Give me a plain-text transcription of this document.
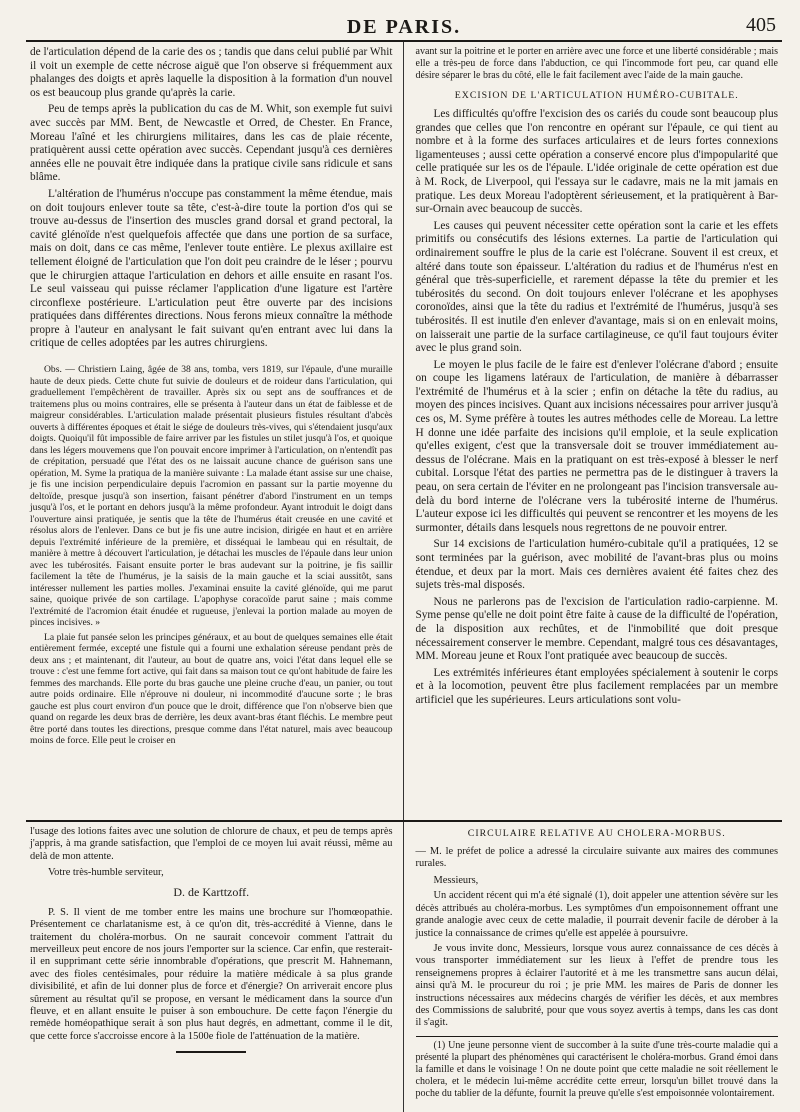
DE PARIS.	405

de l'articulation dépend de la carie des os ; tandis que dans celui publié par Whit il voit un exemple de cette nécrose aiguë que l'on observe si fréquemment aux phalanges des doigts et après laquelle la disposition à la formation d'un nouvel os est beaucoup plus grande qu'après la carie.

Peu de temps après la publication du cas de M. Whit, son exemple fut suivi avec succès par MM. Bent, de Newcastle et Orred, de Chester. En France, Moreau l'aîné et les chirurgiens militaires, dans les cas de plaie récente, pratiquèrent aussi cette opération avec succès. Cependant jusqu'à ces dernières années elle ne pouvait être indiquée dans la pratique civile sans ridicule et sans blâme.

L'altération de l'humérus n'occupe pas constamment la même étendue, mais on doit toujours enlever toute sa tête, c'est-à-dire toute la portion d'os qui se trouve au-dessus de l'insertion des muscles grand dorsal et grand pectoral, la cavité glénoïde n'est quelquefois affectée que dans une portion de sa surface, mais on doit, dans ce cas même, l'enlever toute entière. Le plexus axillaire est tellement éloigné de l'articulation que l'on doit peu craindre de le léser ; pourvu que le chirurgien attaque l'articulation en dehors et aille ensuite en rasant l'os. Le seul vaisseau qui puisse réclamer l'application d'une ligature est l'artère circonflexe postérieure. L'articulation peut être ouverte par des incisions pratiquées dans différentes directions. Nous ferons mieux connaître la méthode propre à l'auteur en analysant le fait suivant qu'en entrant avec lui dans la critique de celles adoptées par les autres chirurgiens.

Obs. — Christiern Laing, âgée de 38 ans, tomba, vers 1819, sur l'épaule, d'une muraille haute de deux pieds. Cette chute fut suivie de douleurs et de roideur dans l'articulation, qui graduellement l'empêchèrent de travailler. Après six ou sept ans de souffrances et de traitemens plus ou moins contraires, elle se présenta à l'auteur dans un état de faiblesse et de maigreur considérables. L'articulation malade présentait plusieurs fistules résultant d'abcès ouverts à différentes époques et était le siége de douleurs très-vives, qui s'étendaient jusqu'aux doigts. Quoiqu'il fût impossible de faire arriver par les fistules un stilet jusqu'à l'os, et quoique dans les légers mouvemens que l'on pouvait encore imprimer à l'articulation, on n'entendît pas de crépitation, persuadé que l'état des os ne laissait aucune chance de guérison sans une opération, M. Syme la pratiqua de la manière suivante : La malade étant assise sur une chaise, je fis une incision perpendiculaire depuis l'acromion en passant sur la partie moyenne du deltoïde, presque jusqu'à son insertion, faisant pénétrer d'abord l'instrument en un temps jusqu'à l'os, et le portant en dehors jusqu'à la même profondeur. Ayant introduit le doigt dans l'ouverture ainsi pratiquée, je sentis que la tête de l'humérus était creusée en une cavité et résolus alors de l'enlever. Dans ce but je fis une autre incision, dirigée en haut et en arrière depuis l'extrémité inférieure de la première, et disséquai le lambeau qui en résultait, de manière à mettre à découvert l'articulation, je détachai les muscles de l'épaule dans leur union avec les tubérosités. Faisant ensuite porter le bras audevant sur la poitrine, je fis saillir facilement la tête de l'humérus, je la saisis de la main gauche et la sciai aussitôt, sans intéresser nullement les parties molles. J'examinai ensuite la cavité glénoïde, qui me parut saine, quoique privée de son cartilage. L'apophyse coracoïde parut saine ; mais comme l'extrémité de l'acromion était énudée et rugueuse, j'enlevai la portion malade au moyen de pinces incisives. »

La plaie fut pansée selon les principes généraux, et au bout de quelques semaines elle était entièrement fermée, excepté une fistule qui a fourni une exhalation séreuse pendant près de deux ans ; et maintenant, dit l'auteur, au bout de quatre ans, voici l'état dans lequel elle se trouve : c'est une femme fort active, qui fait dans sa maison tout ce qu'ont habitude de faire les femmes des marchands. Elle porte du bras gauche une pleine cruche d'eau, un panier, ou tout autre poids ordinaire. Elle n'éprouve ni douleur, ni incommodité d'aucune sorte ; le bras gauche est plus court environ d'un pouce que le droit, différence que l'on n'observe bien que quand on regarde les deux bras de derrière, les deux avant-bras étant fléchis. Le membre peut être porté dans toutes les directions, presque comme dans l'état naturel, mais avec beaucoup moins de force. Elle peut le croiser en

avant sur la poitrine et le porter en arrière avec une force et une liberté considérable ; mais elle a très-peu de force dans l'abduction, ce qui l'incommode fort peu, car quand elle désire séparer le bras du côté, elle le fait facilement avec l'aide de la main gauche.

EXCISION DE L'ARTICULATION HUMÉRO-CUBITALE.

Les difficultés qu'offre l'excision des os cariés du coude sont beaucoup plus grandes que celles que l'on rencontre en opérant sur l'épaule, ce qui tient au nombre et à la forme des surfaces articulaires et de leurs fortes connexions ligamenteuses ; aussi cette opération a conservé encore plus d'impopularité que celle pratiquée sur les os de l'épaule. L'idée originale de cette opération est due à M. Rock, de Liverpool, qui l'essaya sur le cadavre, mais ne la mit jamais en pratique. Les deux Moreau l'adoptèrent sérieusement, et la pratiquèrent à Bar-sur-Ornain avec beaucoup de succès.

Les causes qui peuvent nécessiter cette opération sont la carie et les effets primitifs ou consécutifs des lésions externes. La partie de l'articulation qui ordinairement souffre le plus de la carie est l'olécrane. Souvent il est creux, et altéré dans toute son épaisseur. L'altération du radius et de l'humérus n'est en général que très-superficielle, et rarement dépasse la tête du premier et les tubérosités du second. On doit toujours enlever l'olécrane et les apophyses coronoïdes, ainsi que la tête du radius et l'extrémité de l'humérus, jusqu'à ses tubérosités. Il est inutile d'en enlever d'avantage, mais si on en enlevait moins, on laisserait une partie de la surface cartilagineuse, ce qu'il faut toujours éviter avec le plus grand soin.

Le moyen le plus facile de le faire est d'enlever l'olécrane d'abord ; ensuite on coupe les ligamens latéraux de l'articulation, de manière à débarrasser l'extrémité de l'humérus et à la scier ; enfin on détache la tête du radius, au moyen des pinces incisives. Quant aux incisions nécessaires pour arriver jusqu'à ces os, M. Syme préfère à toutes les autres méthodes celle de Moreau. La lettre H donne une idée parfaite des incisions qu'il emploie, et la seule explication qu'elles exigent, c'est que la transversale doit se trouver immédiatement au-dessus de l'olécrane. Mais en la pratiquant on est très-exposé à blesser le nerf cubital. Lorsque l'état des parties ne permettra pas de le distinguer à travers la peau, on sera certain de l'éviter en ne prolongeant pas l'incision transversale au-delà du bord interne de l'olécrane vers la tubérosité interne de l'humérus. L'auteur expose ici les difficultés qui peuvent se rencontrer et les moyens de les surmonter, détails dans lesquels nous regrettons de ne pouvoir entrer.

Sur 14 excisions de l'articulation huméro-cubitale qu'il a pratiquées, 12 se sont terminées par la guérison, avec mobilité de l'avant-bras plus ou moins étendue, et deux par la mort. Mais ces dernières avaient été faites chez des sujets très-mal disposés.

Nous ne parlerons pas de l'excision de l'articulation radio-carpienne. M. Syme pense qu'elle ne doit point être faite à cause de la difficulté de l'opération, de la disposition aux rechûtes, et de l'inmobilité que doit presque nécessairement conserver le membre. Cependant, malgré tous ces désavantages, MM. Moreau jeune et Roux l'ont pratiquée avec beaucoup de succès.

Les extrémités inférieures étant employées spécialement à soutenir le corps et à la locomotion, peuvent être plus facilement remplacées par un membre artificiel que les supérieures. Leurs articulations sont volu-

l'usage des lotions faites avec une solution de chlorure de chaux, et peu de temps après j'appris, à ma grande satisfaction, que l'emploi de ce moyen lui avait réussi, même au delà de mon attente.

Votre très-humble serviteur,

D. de Karttzoff.

P. S. Il vient de me tomber entre les mains une brochure sur l'homœopathie. Présentement ce charlatanisme est, à ce qu'on dit, très-accrédité à Vienne, dans le traitement du choléra-morbus. On ne saurait concevoir comment l'attrait du merveilleux peut encore de nos jours l'emporter sur la science. Car enfin, que resterait-il en supprimant cette série innombrable d'opérations, que prescrit M. Hahnemann, avec des fioles centésimales, pour réduire la matière médicale à sa plus grande divisibilité, et afin de lui donner plus de force et d'énergie? On arriverait encore plus sûrement au résultat qu'il se propose, en versant le médicament dans la source d'un fleuve, et en allant ensuite le puiser à son embouchure. De cette façon l'énergie du remède homéopathique serait à son plus haut degrés, en admettant, comme il le dit, que cette force s'accroisse encore à la 1500e fiole de l'atténuation de la matière.

CIRCULAIRE RELATIVE AU CHOLERA-MORBUS.

— M. le préfet de police a adressé la circulaire suivante aux maires des communes rurales.

Messieurs,

Un accident récent qui m'a été signalé (1), doit appeler une attention sévère sur les décès attribués au choléra-morbus. Les symptômes d'un empoisonnement offrant une grande analogie avec ceux de cette maladie, il pourrait devenir facile de dérober à la justice la connaissance de crimes qu'elle est appelée à poursuivre.

Je vous invite donc, Messieurs, lorsque vous aurez connaissance de ces décès à vous transporter immédiatement sur les lieux à l'effet de prendre tous les renseignemens propres à éclairer l'autorité et à me les transmettre sans aucun délai, ainsi qu'à M. le procureur du roi ; je prie MM. les maires de Paris de donner les instructions nécessaires aux médecins chargés de vérifier les décès, et aux membres des Commissions de salubrité, pour que vous soyez avertis à temps, dans les cas dont il s'agit.

(1) Une jeune personne vient de succomber à la suite d'une très-courte maladie qui a présenté la plupart des phénomènes qui caractérisent le choléra-morbus. Grand émoi dans la famille et dans le voisinage ! On ne doute point que cette maladie ne soit réellement le cholera, et le médecin lui-même accrédite cette erreur, lorsqu'un billet trouvé dans la poche du tablier de la défunte, fournit la preuve qu'elle s'est empoisonnée volontairement.
